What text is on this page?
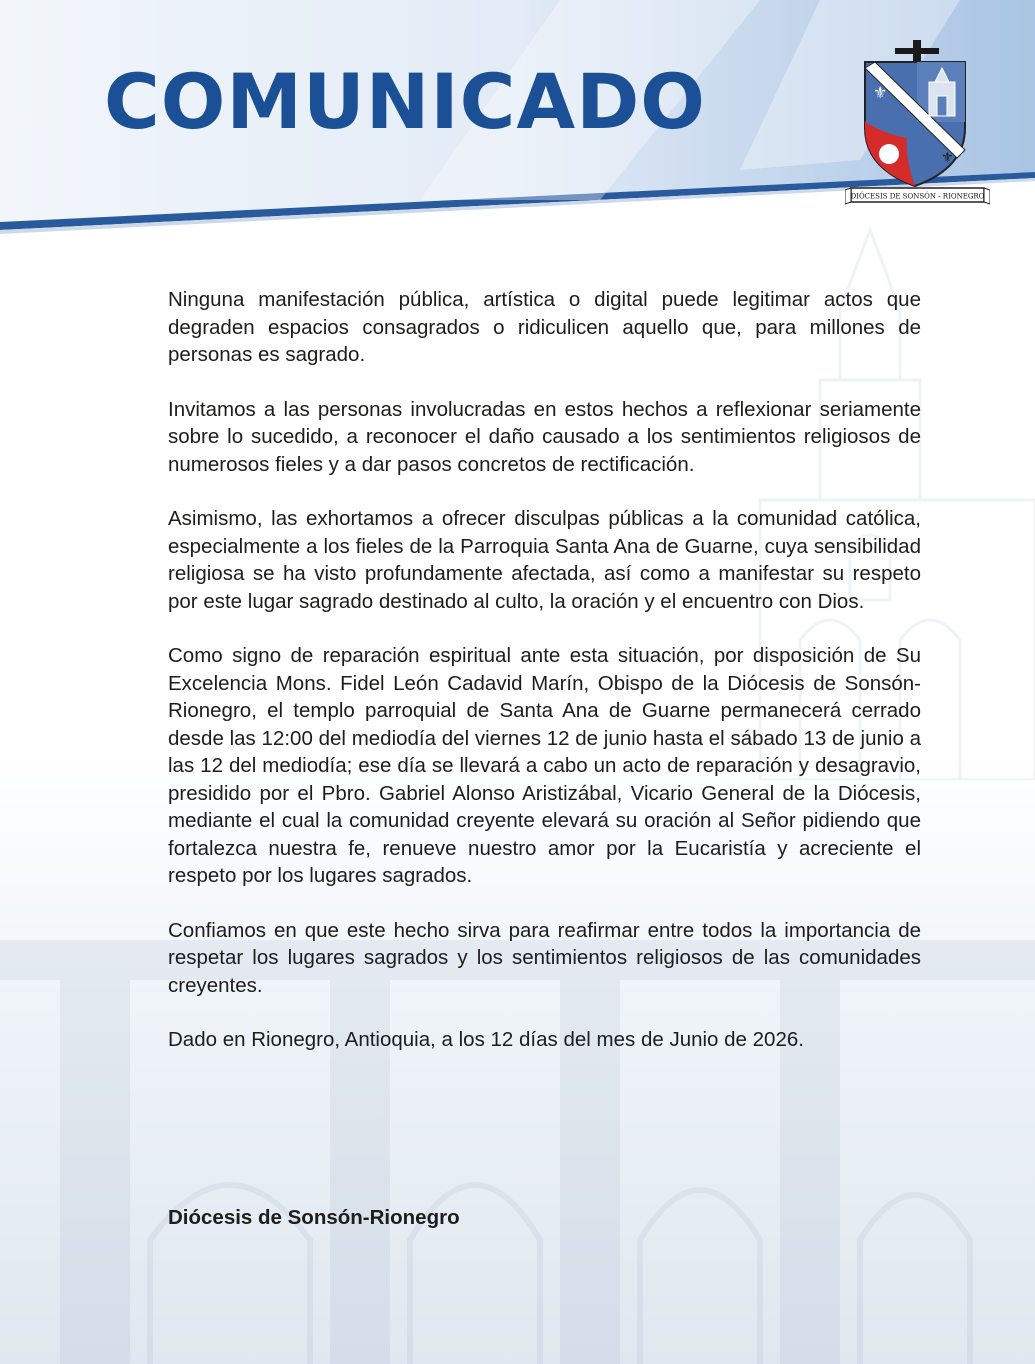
COMUNICADO	⚜
⚜
DIÓCESIS DE SONSÓN - RIONEGRO

Ninguna manifestación pública, artística o digital puede legitimar actos que degraden espacios consagrados o ridiculicen aquello que, para millones de personas es sagrado.

Invitamos a las personas involucradas en estos hechos a reflexionar seriamente sobre lo sucedido, a reconocer el daño causado a los sentimientos religiosos de numerosos fieles y a dar pasos concretos de rectificación.

Asimismo, las exhortamos a ofrecer disculpas públicas a la comunidad católica, especialmente a los fieles de la Parroquia Santa Ana de Guarne, cuya sensibilidad religiosa se ha visto profundamente afectada, así como a manifestar su respeto por este lugar sagrado destinado al culto, la oración y el encuentro con Dios.

Como signo de reparación espiritual ante esta situación, por disposición de Su Excelencia Mons. Fidel León Cadavid Marín, Obispo de la Diócesis de Sonsón-Rionegro, el templo parroquial de Santa Ana de Guarne permanecerá cerrado desde las 12:00 del mediodía del viernes 12 de junio hasta el sábado 13 de junio a las 12 del mediodía; ese día se llevará a cabo un acto de reparación y desagravio, presidido por el Pbro. Gabriel Alonso Aristizábal, Vicario General de la Diócesis, mediante el cual la comunidad creyente elevará su oración al Señor pidiendo que fortalezca nuestra fe, renueve nuestro amor por la Eucaristía y acreciente el respeto por los lugares sagrados.

Confiamos en que este hecho sirva para reafirmar entre todos la importancia de respetar los lugares sagrados y los sentimientos religiosos de las comunidades creyentes.

Dado en Rionegro, Antioquia, a los 12 días del mes de Junio de 2026.

Diócesis de Sonsón-Rionegro
